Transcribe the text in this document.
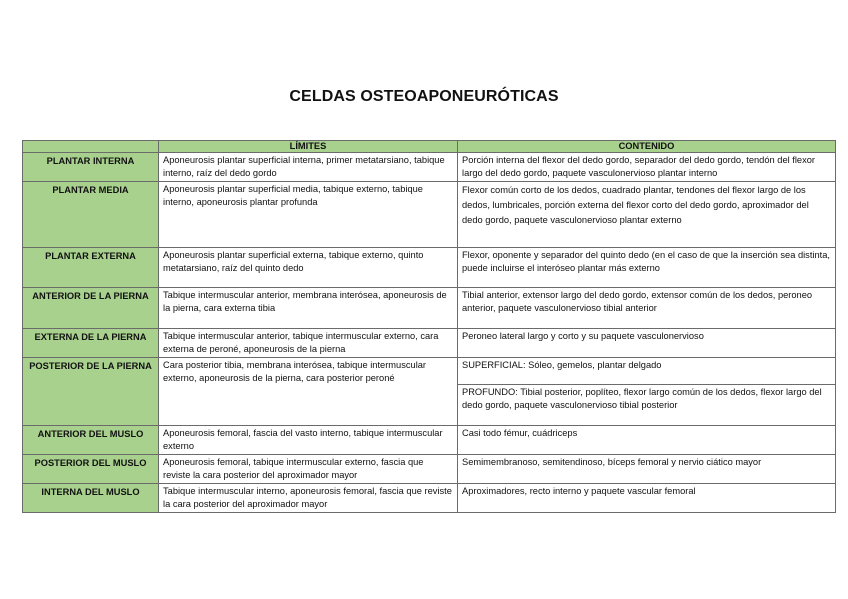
CELDAS OSTEOAPONEURÓTICAS
	LÍMITES	CONTENIDO
PLANTAR INTERNA	Aponeurosis plantar superficial interna, primer metatarsiano, tabique interno, raíz del dedo gordo	Porción interna del flexor del dedo gordo, separador del dedo gordo, tendón del flexor largo del dedo gordo, paquete vasculonervioso plantar interno
PLANTAR MEDIA	Aponeurosis plantar superficial media, tabique externo, tabique interno, aponeurosis plantar profunda	Flexor común corto de los dedos, cuadrado plantar, tendones del flexor largo de los dedos, lumbricales, porción externa del flexor corto del dedo gordo, aproximador del dedo gordo, paquete vasculonervioso plantar externo
PLANTAR EXTERNA	Aponeurosis plantar superficial externa, tabique externo, quinto metatarsiano, raíz del quinto dedo	Flexor, oponente y separador del quinto dedo (en el caso de que la inserción sea distinta, puede incluirse el interóseo plantar más externo
ANTERIOR DE LA PIERNA	Tabique intermuscular anterior, membrana interósea, aponeurosis de la pierna, cara externa tibia	Tibial anterior, extensor largo del dedo gordo, extensor común de los dedos, peroneo anterior, paquete vasculonervioso tibial anterior
EXTERNA DE LA PIERNA	Tabique intermuscular anterior, tabique intermuscular externo, cara externa de peroné, aponeurosis de la pierna	Peroneo lateral largo y corto y su paquete vasculonervioso
POSTERIOR DE LA PIERNA	Cara posterior tibia, membrana interósea, tabique intermuscular externo, aponeurosis de la pierna, cara posterior peroné	SUPERFICIAL: Sóleo, gemelos, plantar delgado
		PROFUNDO: Tibial posterior, poplíteo, flexor largo común de los dedos, flexor largo del dedo gordo, paquete vasculonervioso tibial posterior
ANTERIOR DEL MUSLO	Aponeurosis femoral, fascia del vasto interno, tabique intermuscular externo	Casi todo fémur, cuádriceps
POSTERIOR DEL MUSLO	Aponeurosis femoral, tabique intermuscular externo, fascia que reviste la cara posterior del aproximador mayor	Semimembranoso, semitendinoso, bíceps femoral y nervio ciático mayor
INTERNA DEL MUSLO	Tabique intermuscular interno, aponeurosis femoral, fascia que reviste la cara posterior del aproximador mayor	Aproximadores, recto interno y paquete vascular femoral
